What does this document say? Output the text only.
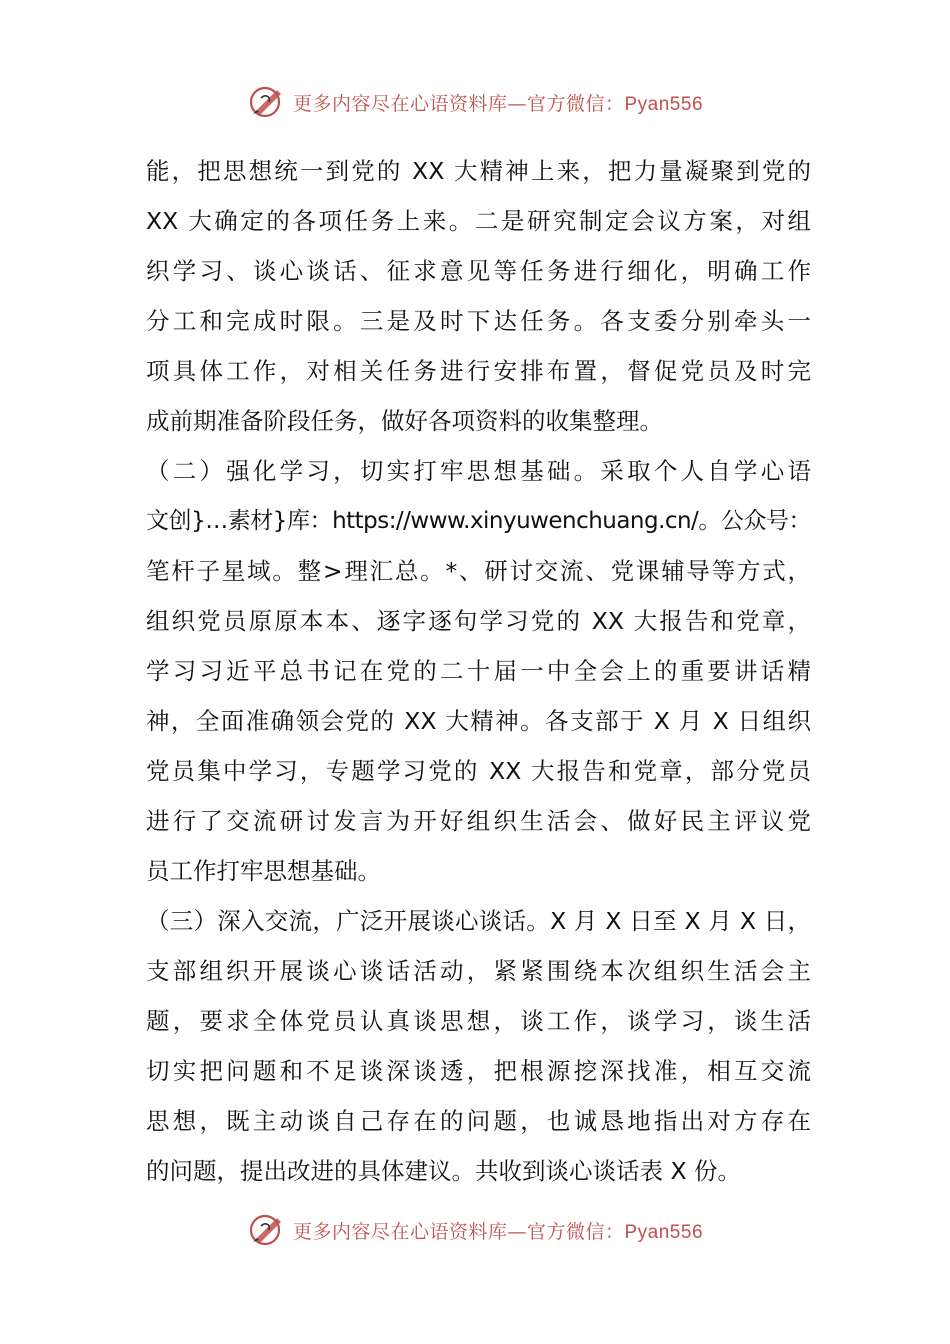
更多内容尽在心语资料库—官方微信：Pyan556
能，把思想统一到党的 XX 大精神上来，把力量凝聚到党的
XX 大确定的各项任务上来。二是研究制定会议方案，对组
织学习、谈心谈话、征求意见等任务进行细化，明确工作
分工和完成时限。三是及时下达任务。各支委分别牵头一
项具体工作，对相关任务进行安排布置，督促党员及时完
成前期准备阶段任务，做好各项资料的收集整理。
（二）强化学习，切实打牢思想基础。采取个人自学心语
文创}…素材}库：https://www.xinyuwenchuang.cn/。公众号：
笔杆子星域。整>理汇总。*、研讨交流、党课辅导等方式，
组织党员原原本本、逐字逐句学习党的 XX 大报告和党章，
学习习近平总书记在党的二十届一中全会上的重要讲话精
神，全面准确领会党的 XX 大精神。各支部于 X 月 X 日组织
党员集中学习，专题学习党的 XX 大报告和党章，部分党员
进行了交流研讨发言为开好组织生活会、做好民主评议党
员工作打牢思想基础。
（三）深入交流，广泛开展谈心谈话。X 月 X 日至 X 月 X 日，
支部组织开展谈心谈话活动，紧紧围绕本次组织生活会主
题，要求全体党员认真谈思想，谈工作，谈学习，谈生活
切实把问题和不足谈深谈透，把根源挖深找准，相互交流
思想，既主动谈自己存在的问题，也诚恳地指出对方存在
的问题，提出改进的具体建议。共收到谈心谈话表 X 份。
更多内容尽在心语资料库—官方微信：Pyan556
